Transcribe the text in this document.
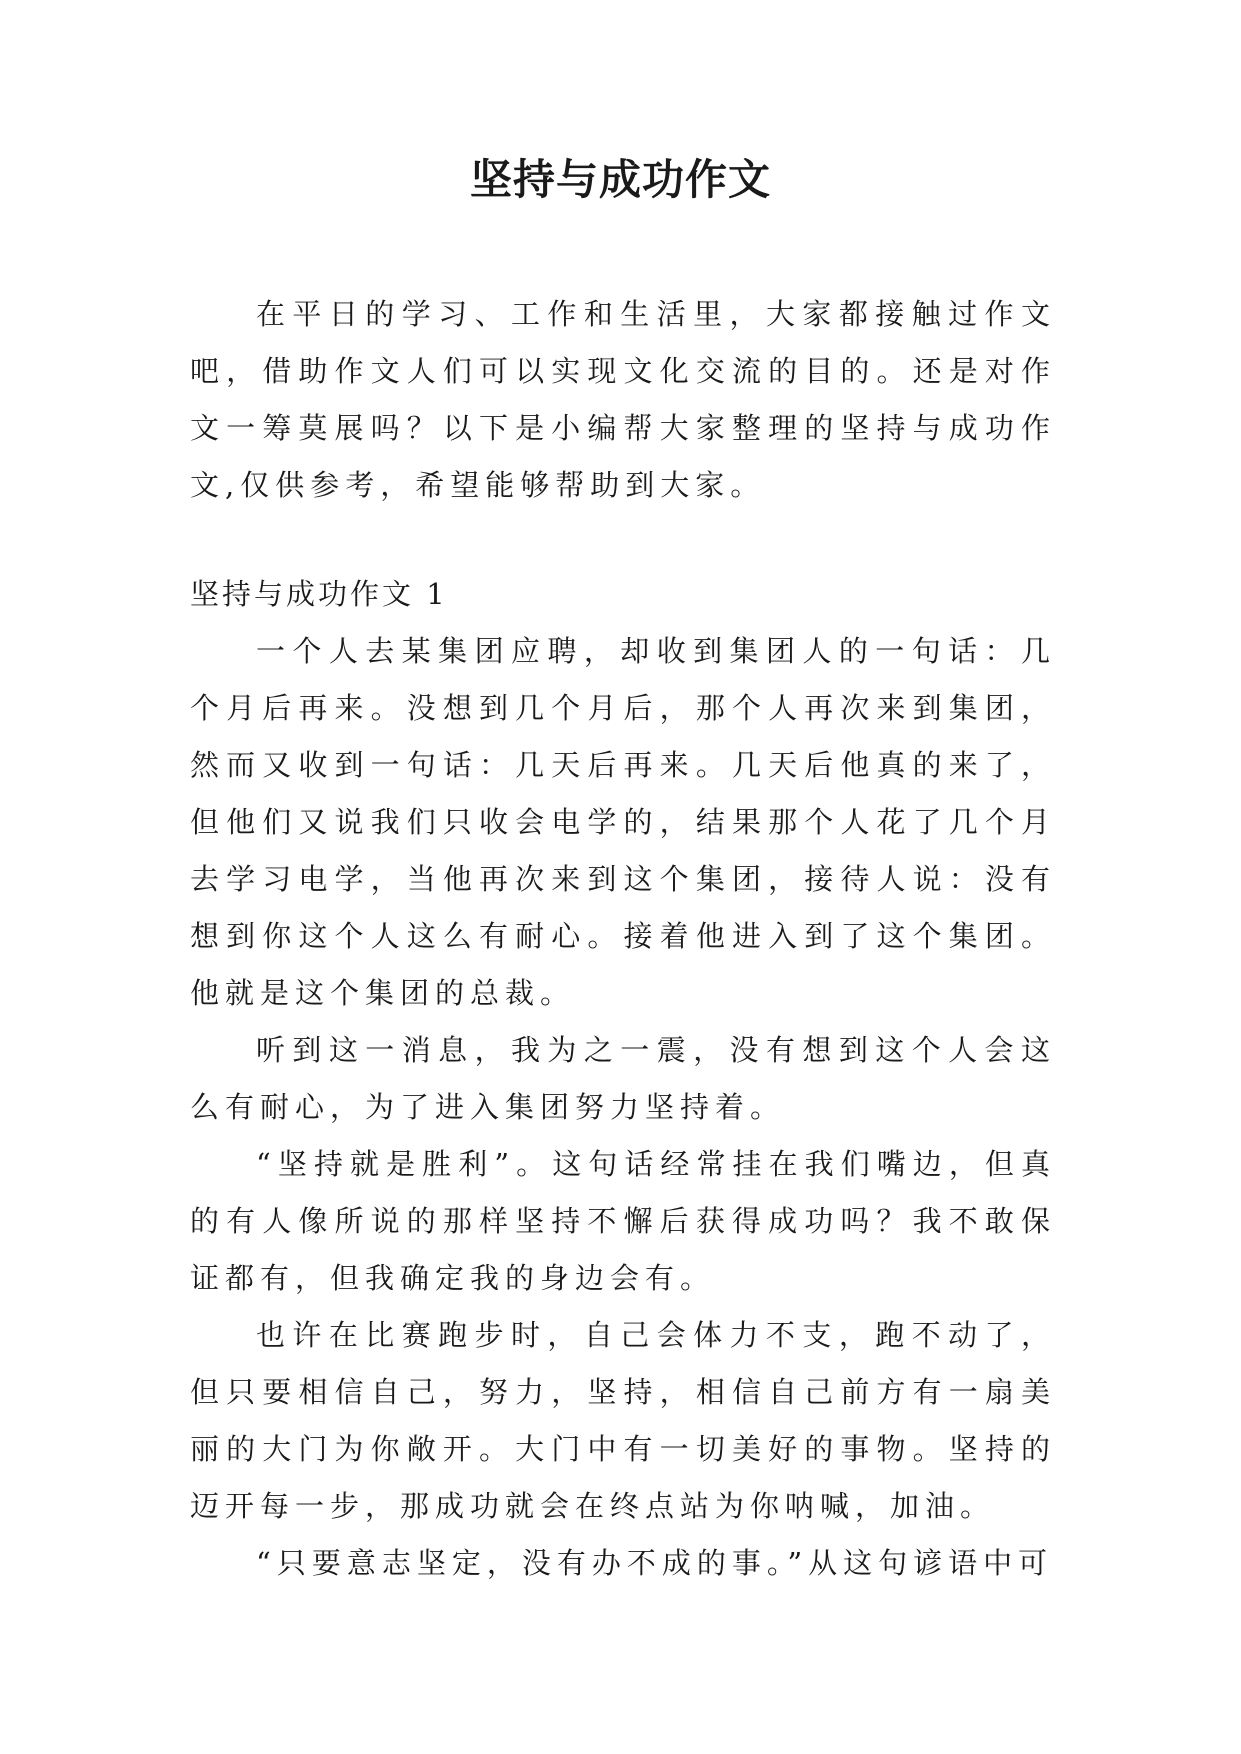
坚持与成功作文

在平日的学习、工作和生活里，大家都接触过作文吧，借助作文人们可以实现文化交流的目的。还是对作文一筹莫展吗？以下是小编帮大家整理的坚持与成功作文,仅供参考，希望能够帮助到大家。

坚持与成功作文 1

一个人去某集团应聘，却收到集团人的一句话：几个月后再来。没想到几个月后，那个人再次来到集团，然而又收到一句话：几天后再来。几天后他真的来了，但他们又说我们只收会电学的，结果那个人花了几个月去学习电学，当他再次来到这个集团，接待人说：没有想到你这个人这么有耐心。接着他进入到了这个集团。他就是这个集团的总裁。

听到这一消息，我为之一震，没有想到这个人会这么有耐心，为了进入集团努力坚持着。

“坚持就是胜利”。这句话经常挂在我们嘴边，但真的有人像所说的那样坚持不懈后获得成功吗？我不敢保证都有，但我确定我的身边会有。

也许在比赛跑步时，自己会体力不支，跑不动了，但只要相信自己，努力，坚持，相信自己前方有一扇美丽的大门为你敞开。大门中有一切美好的事物。坚持的迈开每一步，那成功就会在终点站为你呐喊，加油。

“只要意志坚定，没有办不成的事。”从这句谚语中可
